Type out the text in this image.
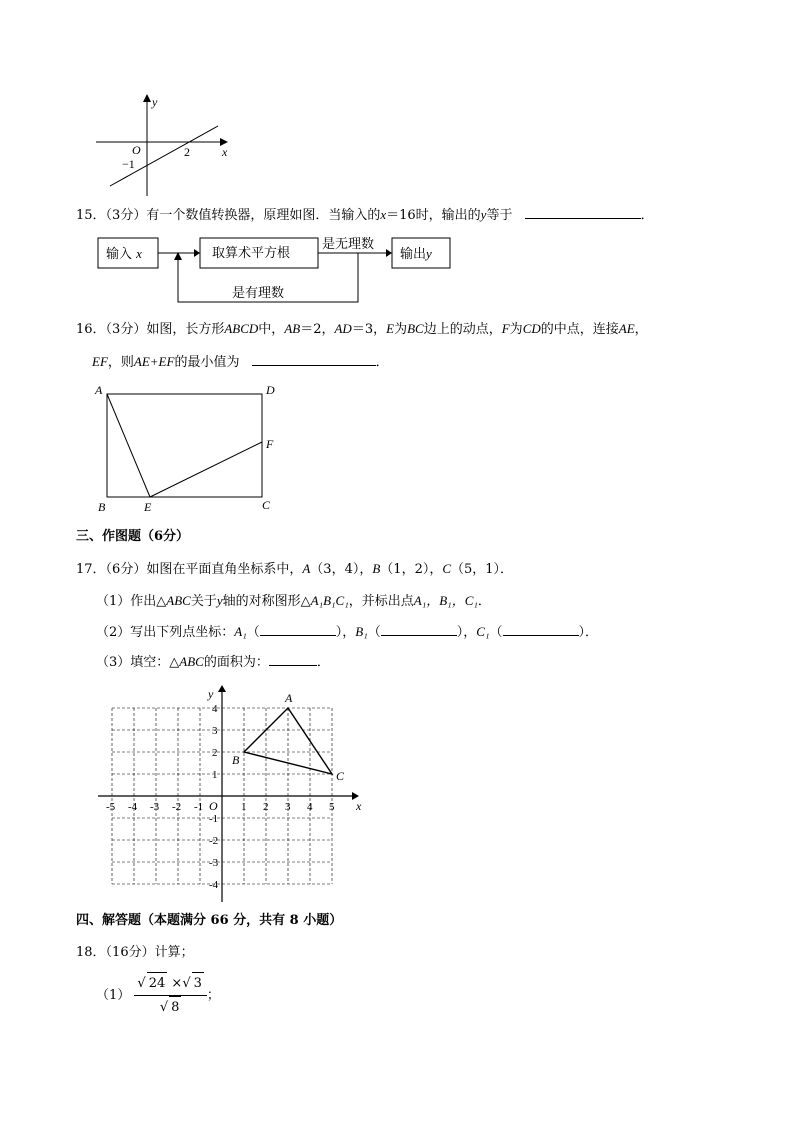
y
x
O	2
−1
15．（3分）有一个数值转换器，原理如图．当输入的x＝16时，输出的y等于	．
输入 x	取算术平方根	输出y
是无理数
是有理数
16．（3分）如图，长方形ABCD中，AB＝2，AD＝3，E为BC边上的动点，F为CD的中点，连接AE，
EF，则AE+EF的最小值为	．
A	D
F
B	E	C
三、作图题（6分）
17．（6分）如图在平面直角坐标系中，A（3，4），B（1，2），C（5，1）．
（1）作出△ABC关于y轴的对称图形△A₁B₁C₁，并标出点A₁，B₁，C₁．
（2）写出下列点坐标：A₁（	），B₁（	），C₁（	）．
（3）填空：△ABC的面积为：	．
x
y
O
-5 -4 -3 -2 -1	1 2 3 4 5
4
3
2
1
-1
-2
-3
-4
A
B
C
四、解答题（本题满分 66 分，共有 8 小题）
18．（16分）计算；
$(1) \frac{√ 24 \times√ 3}{√ 8}$ ；
